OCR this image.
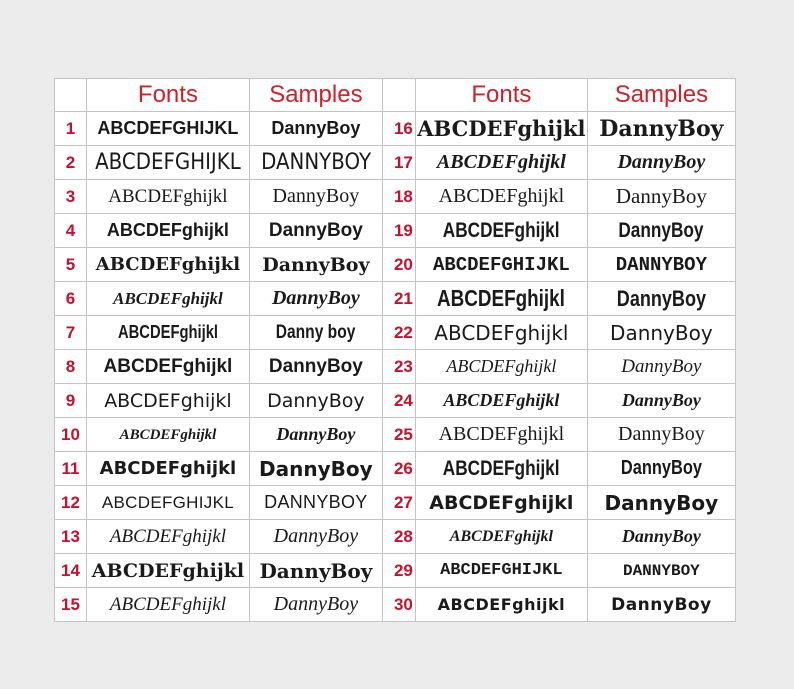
	Fonts	Samples		Fonts	Samples
1	ABCDEFGHIJKL	DannyBoy	16	ABCDEFghijkl	DannyBoy
2	ABCDEFGHIJKL	DANNYBOY	17	ABCDEFghijkl	DannyBoy
3	ABCDEFghijkl	DannyBoy	18	ABCDEFghijkl	DannyBoy
4	ABCDEFghijkl	DannyBoy	19	ABCDEFghijkl	DannyBoy
5	ABCDEFghijkl	DannyBoy	20	ABCDEFGHIJKL	DANNYBOY
6	ABCDEFghijkl	DannyBoy	21	ABCDEFghijkl	DannyBoy
7	ABCDEFghijkl	Danny boy	22	ABCDEFghijkl	DannyBoy
8	ABCDEFghijkl	DannyBoy	23	ABCDEFghijkl	DannyBoy
9	ABCDEFghijkl	DannyBoy	24	ABCDEFghijkl	DannyBoy
10	ABCDEFghijkl	DannyBoy	25	ABCDEFghijkl	DannyBoy
11	ABCDEFghijkl	DannyBoy	26	ABCDEFghijkl	DannyBoy
12	ABCDEFGHIJKL	DANNYBOY	27	ABCDEFghijkl	DannyBoy
13	ABCDEFghijkl	DannyBoy	28	ABCDEFghijkl	DannyBoy
14	ABCDEFghijkl	DannyBoy	29	ABCDEFGHIJKL	DANNYBOY
15	ABCDEFghijkl	DannyBoy	30	ABCDEFghijkl	DannyBoy
